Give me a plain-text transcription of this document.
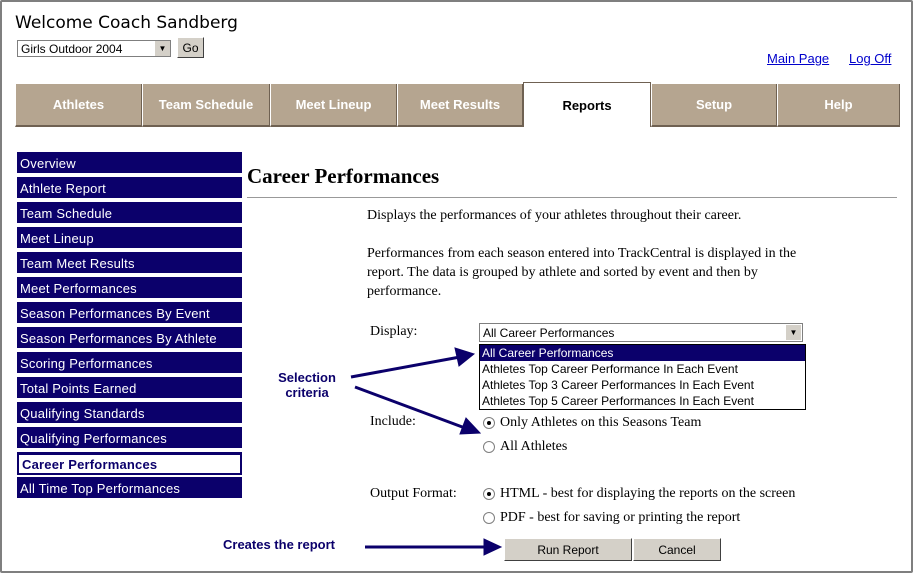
Welcome Coach Sandberg
Girls Outdoor 2004	▼	Go
Main Page Log Off
Athletes	Team Schedule	Meet Lineup	Meet Results	Reports	Setup	Help
Overview
Athlete Report
Team Schedule
Meet Lineup
Team Meet Results
Meet Performances
Season Performances By Event
Season Performances By Athlete
Scoring Performances
Total Points Earned
Qualifying Standards
Qualifying Performances
Career Performances
All Time Top Performances
Career Performances
Displays the performances of your athletes throughout their career.
Performances from each season entered into TrackCentral is displayed in the
report. The data is grouped by athlete and sorted by event and then by
performance.
Display:	All Career Performances	▼
All Career Performances
Athletes Top Career Performance In Each Event
Athletes Top 3 Career Performances In Each Event
Athletes Top 5 Career Performances In Each Event
Include:	Only Athletes on this Seasons Team
All Athletes
Output Format:	HTML - best for displaying the reports on the screen
PDF - best for saving or printing the report
Run Report	Cancel
Selection
criteria
Creates the report
